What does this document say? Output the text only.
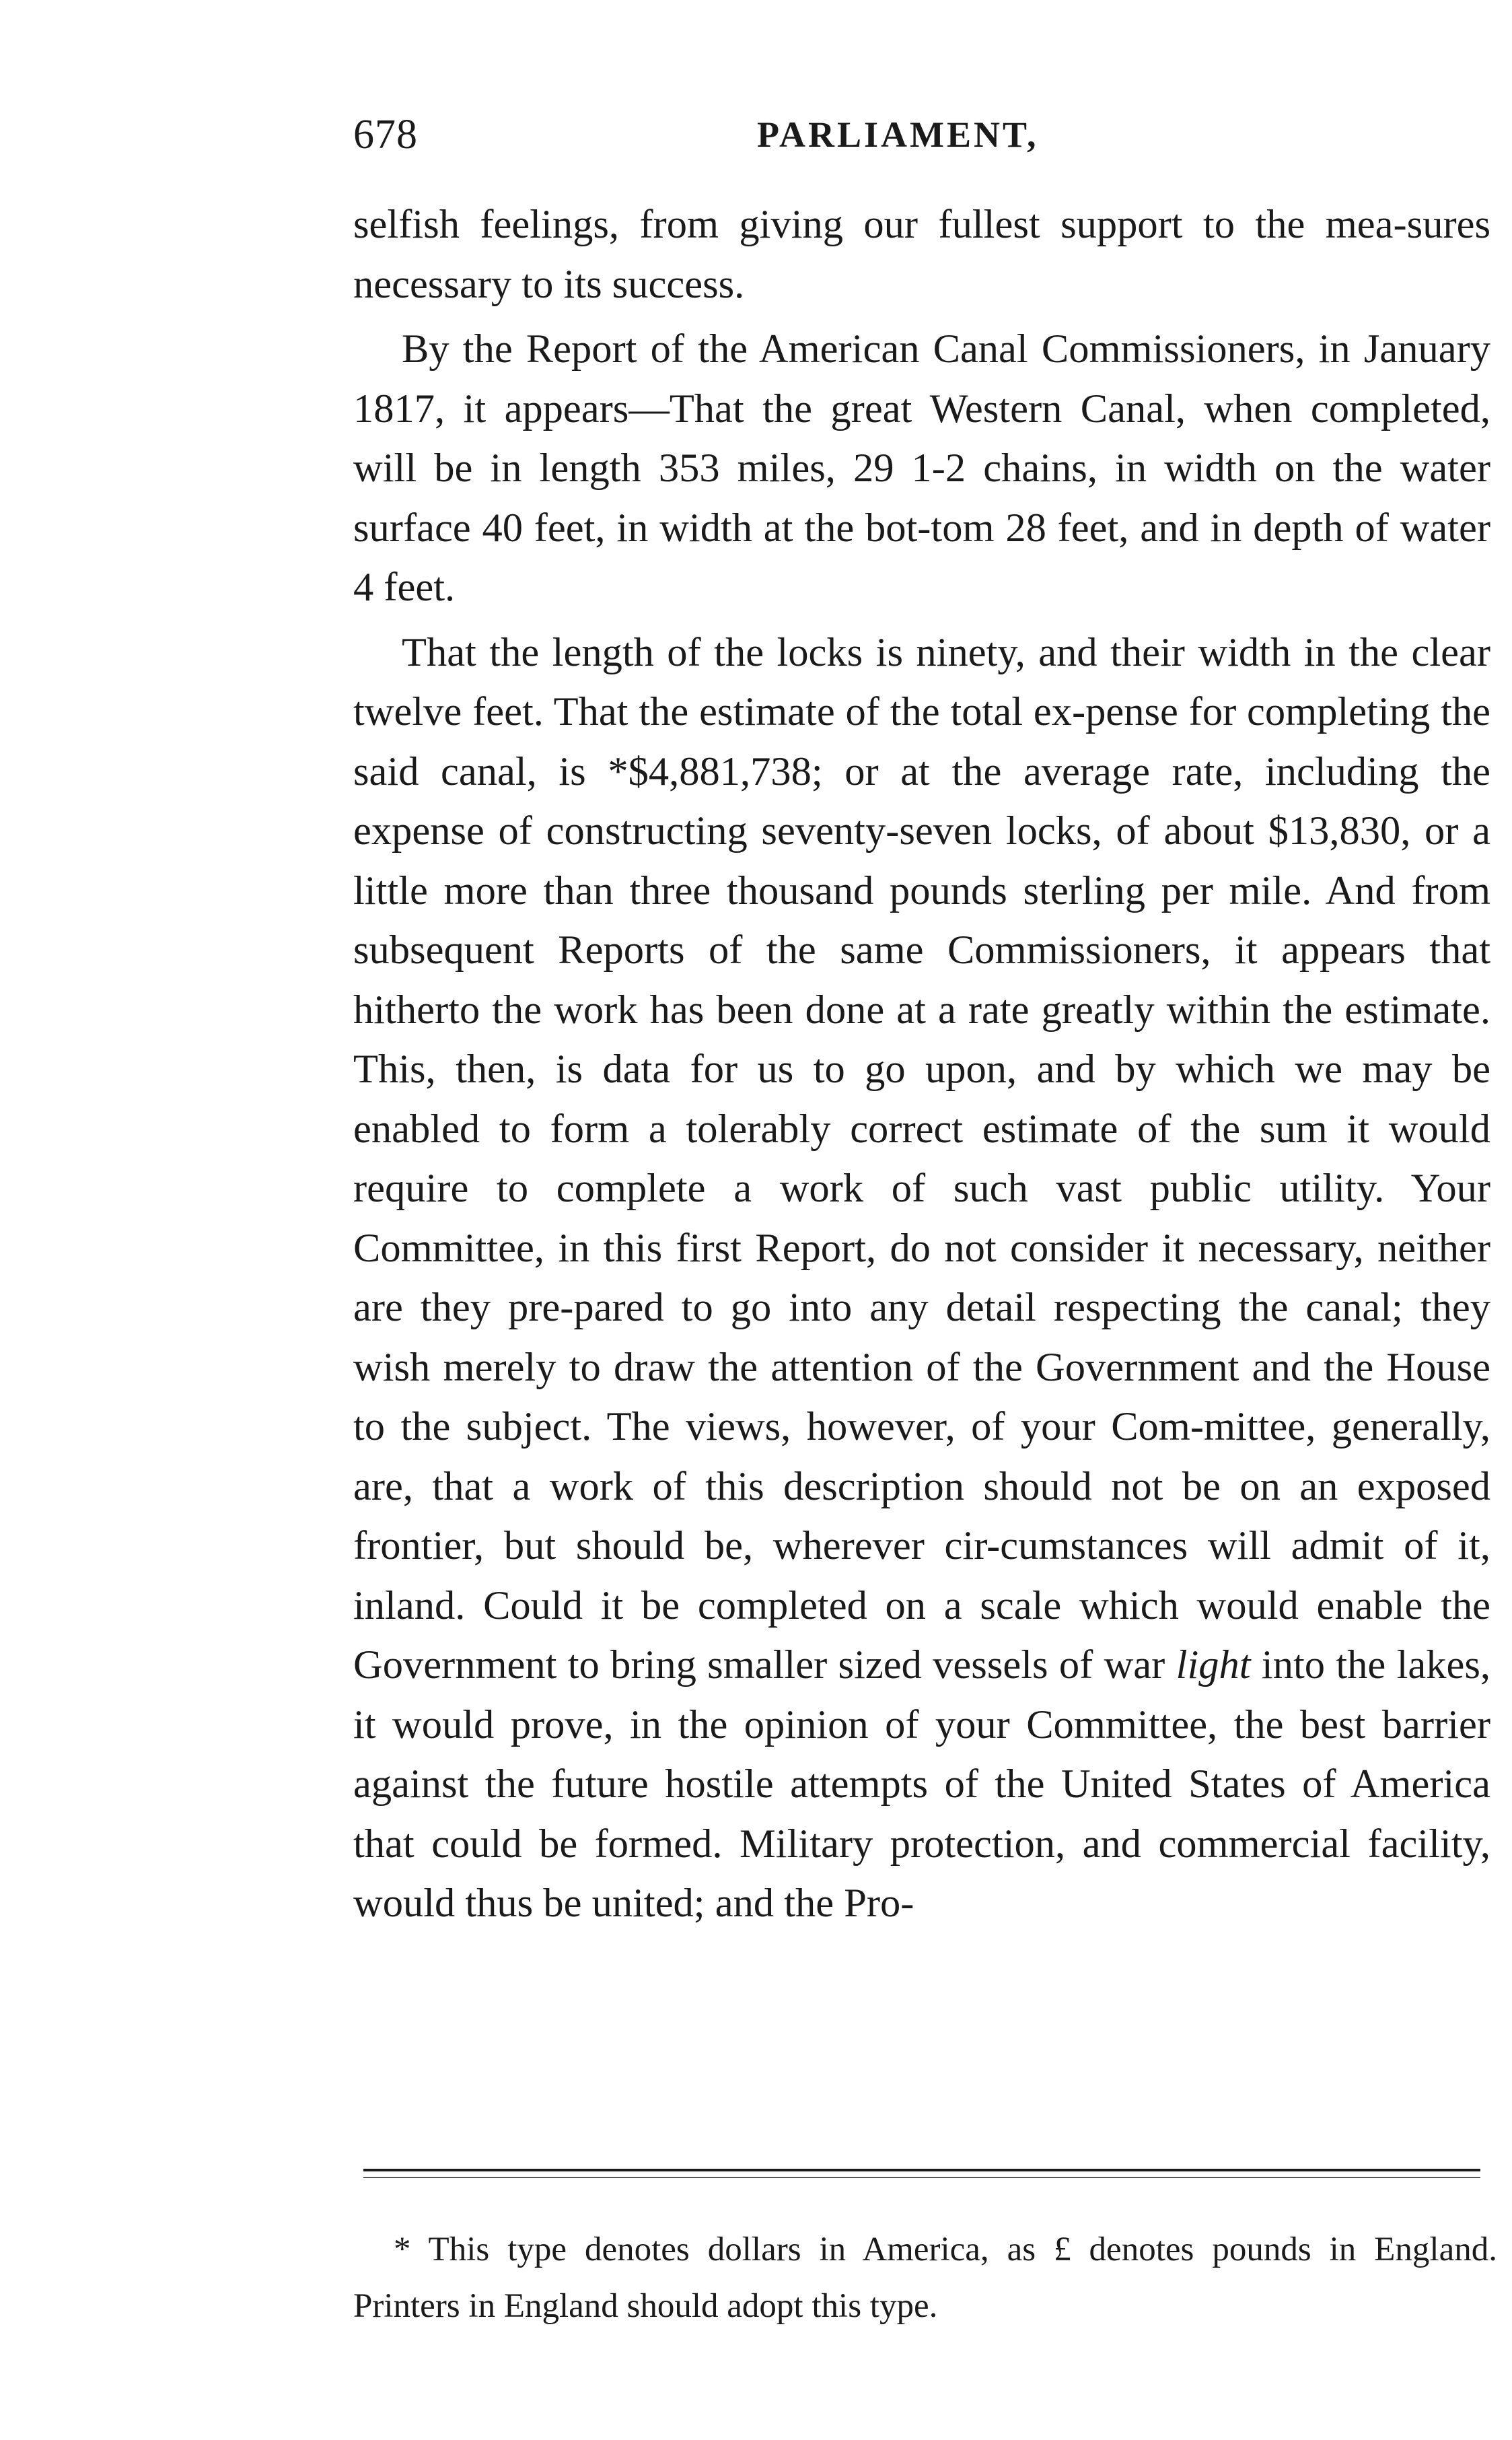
678	PARLIAMENT,

selfish feelings, from giving our fullest support to the mea-sures necessary to its success.

By the Report of the American Canal Commissioners, in January 1817, it appears—That the great Western Canal, when completed, will be in length 353 miles, 29 1-2 chains, in width on the water surface 40 feet, in width at the bot-tom 28 feet, and in depth of water 4 feet.

That the length of the locks is ninety, and their width in the clear twelve feet. That the estimate of the total ex-pense for completing the said canal, is *$4,881,738; or at the average rate, including the expense of constructing seventy-seven locks, of about $13,830, or a little more than three thousand pounds sterling per mile. And from subsequent Reports of the same Commissioners, it appears that hitherto the work has been done at a rate greatly within the estimate. This, then, is data for us to go upon, and by which we may be enabled to form a tolerably correct estimate of the sum it would require to complete a work of such vast public utility. Your Committee, in this first Report, do not consider it necessary, neither are they pre-pared to go into any detail respecting the canal; they wish merely to draw the attention of the Government and the House to the subject. The views, however, of your Com-mittee, generally, are, that a work of this description should not be on an exposed frontier, but should be, wherever cir-cumstances will admit of it, inland. Could it be completed on a scale which would enable the Government to bring smaller sized vessels of war light into the lakes, it would prove, in the opinion of your Committee, the best barrier against the future hostile attempts of the United States of America that could be formed. Military protection, and commercial facility, would thus be united; and the Pro-

* This type denotes dollars in America, as £ denotes pounds in England. Printers in England should adopt this type.
